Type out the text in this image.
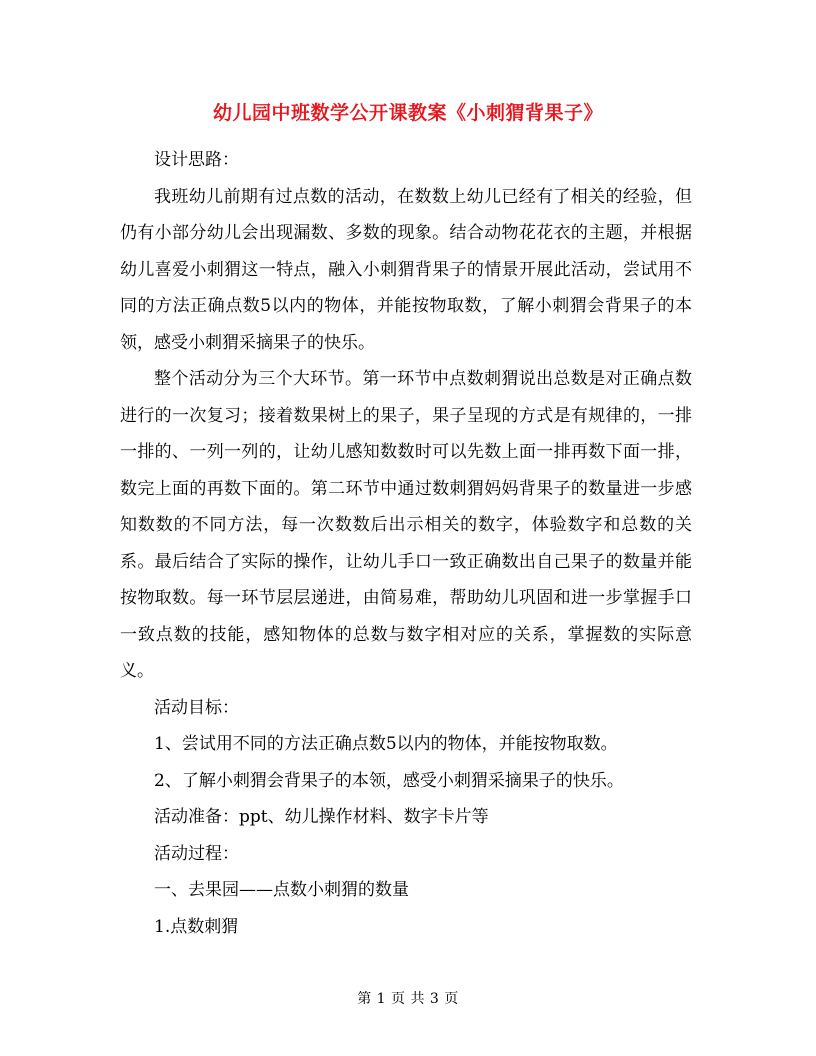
幼儿园中班数学公开课教案《小刺猬背果子》

设计思路：

我班幼儿前期有过点数的活动，在数数上幼儿已经有了相关的经验，但仍有小部分幼儿会出现漏数、多数的现象。结合动物花花衣的主题，并根据幼儿喜爱小刺猬这一特点，融入小刺猬背果子的情景开展此活动，尝试用不同的方法正确点数5以内的物体，并能按物取数，了解小刺猬会背果子的本领，感受小刺猬采摘果子的快乐。

整个活动分为三个大环节。第一环节中点数刺猬说出总数是对正确点数进行的一次复习；接着数果树上的果子，果子呈现的方式是有规律的，一排一排的、一列一列的，让幼儿感知数数时可以先数上面一排再数下面一排，数完上面的再数下面的。第二环节中通过数刺猬妈妈背果子的数量进一步感知数数的不同方法，每一次数数后出示相关的数字，体验数字和总数的关系。最后结合了实际的操作，让幼儿手口一致正确数出自己果子的数量并能按物取数。每一环节层层递进，由简易难，帮助幼儿巩固和进一步掌握手口一致点数的技能，感知物体的总数与数字相对应的关系，掌握数的实际意义。

活动目标：

1、尝试用不同的方法正确点数5以内的物体，并能按物取数。

2、了解小刺猬会背果子的本领，感受小刺猬采摘果子的快乐。

活动准备：ppt、幼儿操作材料、数字卡片等

活动过程：

一、去果园——点数小刺猬的数量

1.点数刺猬

第 1 页 共 3 页
